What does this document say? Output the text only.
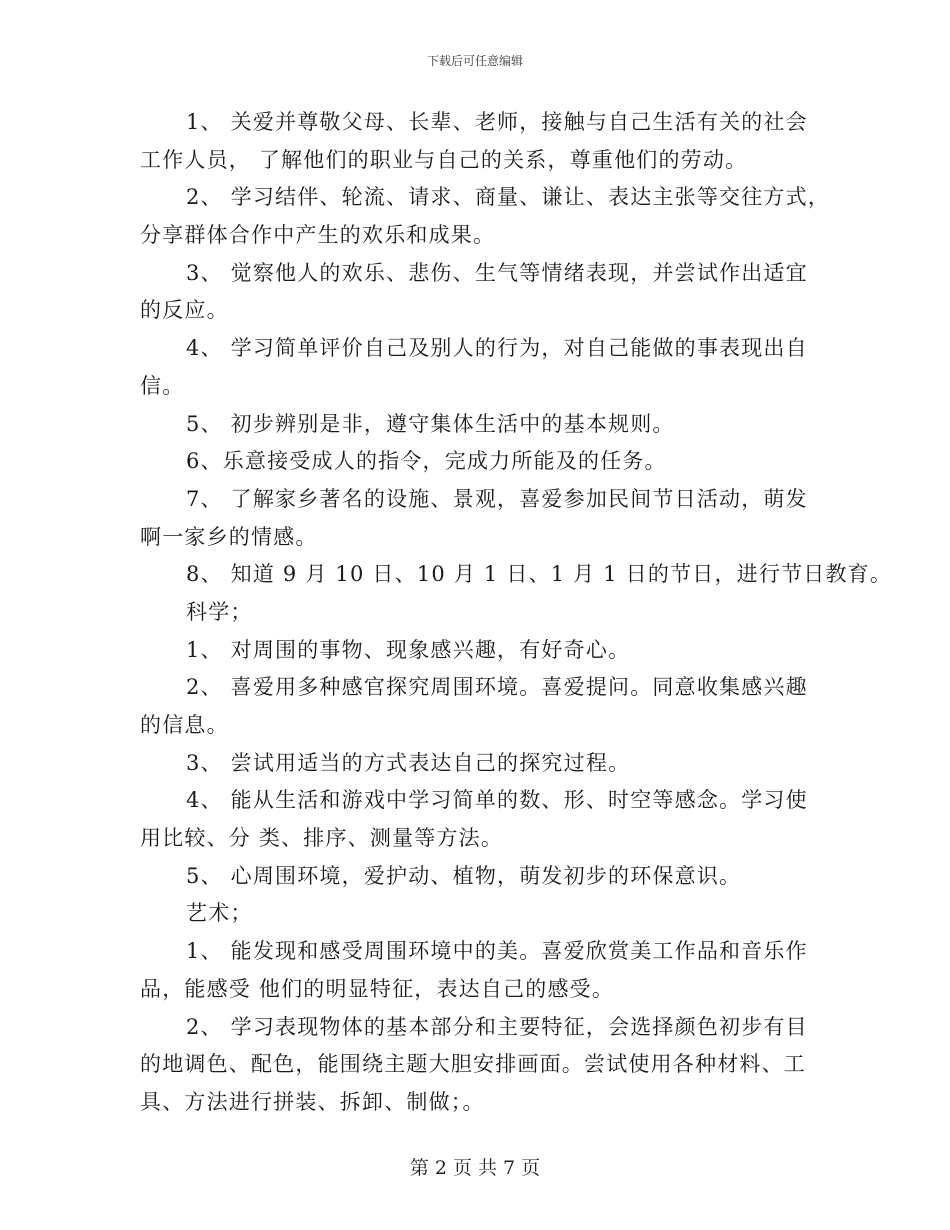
下载后可任意编辑
1、 关爱并尊敬父母、长辈、老师，接触与自己生活有关的社会
工作人员， 了解他们的职业与自己的关系，尊重他们的劳动。
2、 学习结伴、轮流、请求、商量、谦让、表达主张等交往方式，
分享群体合作中产生的欢乐和成果。
3、 觉察他人的欢乐、悲伤、生气等情绪表现，并尝试作出适宜
的反应。
4、 学习简单评价自己及别人的行为，对自己能做的事表现出自
信。
5、 初步辨别是非，遵守集体生活中的基本规则。
6、乐意接受成人的指令，完成力所能及的任务。
7、 了解家乡著名的设施、景观，喜爱参加民间节日活动，萌发
啊一家乡的情感。
8、 知道 9 月 10 日、10 月 1 日、1 月 1 日的节日，进行节日教育。
科学；
1、 对周围的事物、现象感兴趣，有好奇心。
2、 喜爱用多种感官探究周围环境。喜爱提问。同意收集感兴趣
的信息。
3、 尝试用适当的方式表达自己的探究过程。
4、 能从生活和游戏中学习简单的数、形、时空等感念。学习使
用比较、分 类、排序、测量等方法。
5、 心周围环境，爱护动、植物，萌发初步的环保意识。
艺术；
1、 能发现和感受周围环境中的美。喜爱欣赏美工作品和音乐作
品，能感受 他们的明显特征，表达自己的感受。
2、 学习表现物体的基本部分和主要特征，会选择颜色初步有目
的地调色、配色，能围绕主题大胆安排画面。尝试使用各种材料、工
具、方法进行拼装、拆卸、制做；。
第 2 页 共 7 页
